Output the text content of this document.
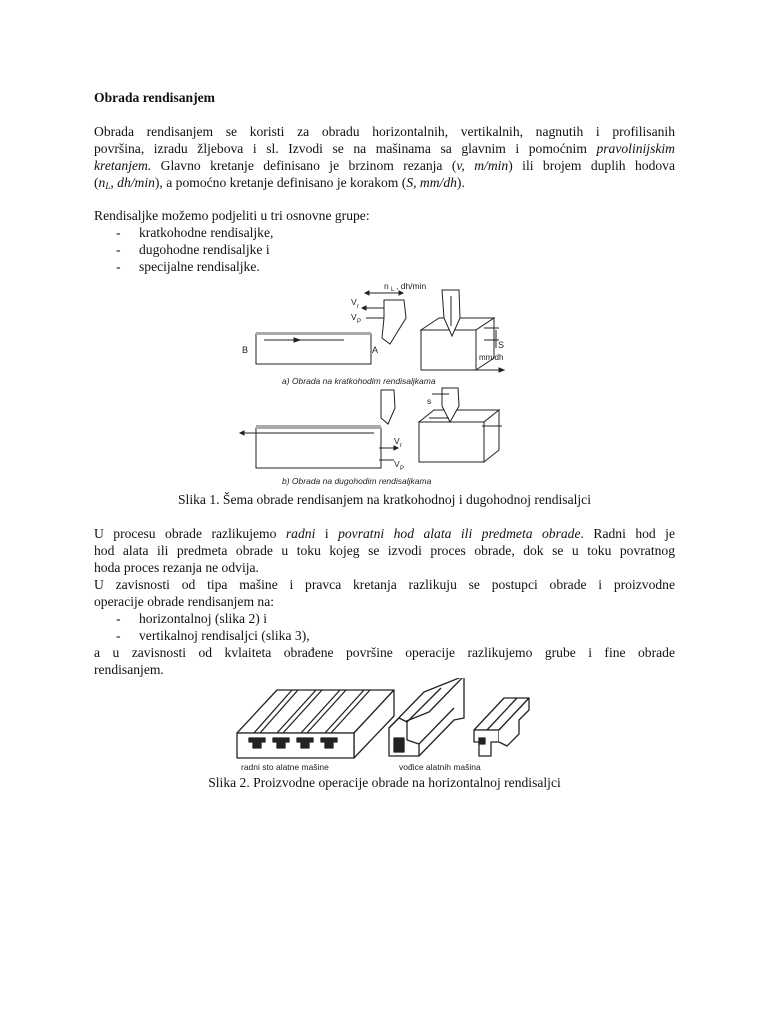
Obrada rendisanjem
Obrada rendisanjem se koristi za obradu horizontalnih, vertikalnih, nagnutih i profilisanih
površina, izradu žljebova i sl. Izvodi se na mašinama sa glavnim i pomoćnim pravolinijskim
kretanjem. Glavno kretanje definisano je brzinom rezanja (v, m/min) ili brojem duplih hodova
(nL, dh/min), a pomoćno kretanje definisano je korakom (S, mm/dh).
Rendisaljke možemo podjeliti u tri osnovne grupe:
- kratkohodne rendisaljke,
- dugohodne rendisaljke i
- specijalne rendisaljke.
n L , dh/min
V r
V P
B	A	S
mm/dh
a) Obrada na kratkohodim rendisaljkama
s
V r
V P
b) Obrada na dugohodim rendisaljkama
Slika 1. Šema obrade rendisanjem na kratkohodnoj i dugohodnoj rendisaljci
U procesu obrade razlikujemo radni i povratni hod alata ili predmeta obrade. Radni hod je
hod alata ili predmeta obrade u toku kojeg se izvodi proces obrade, dok se u toku povratnog
hoda proces rezanja ne odvija.
U zavisnosti od tipa mašine i pravca kretanja razlikuju se postupci obrade i proizvodne
operacije obrade rendisanjem na:
- horizontalnoj (slika 2) i
- vertikalnoj rendisaljci (slika 3),
a u zavisnosti od kvlaiteta obrađene površine operacije razlikujemo grube i fine obrade
rendisanjem.
radni sto alatne mašine	vođice alatnih mašina
Slika 2. Proizvodne operacije obrade na horizontalnoj rendisaljci
